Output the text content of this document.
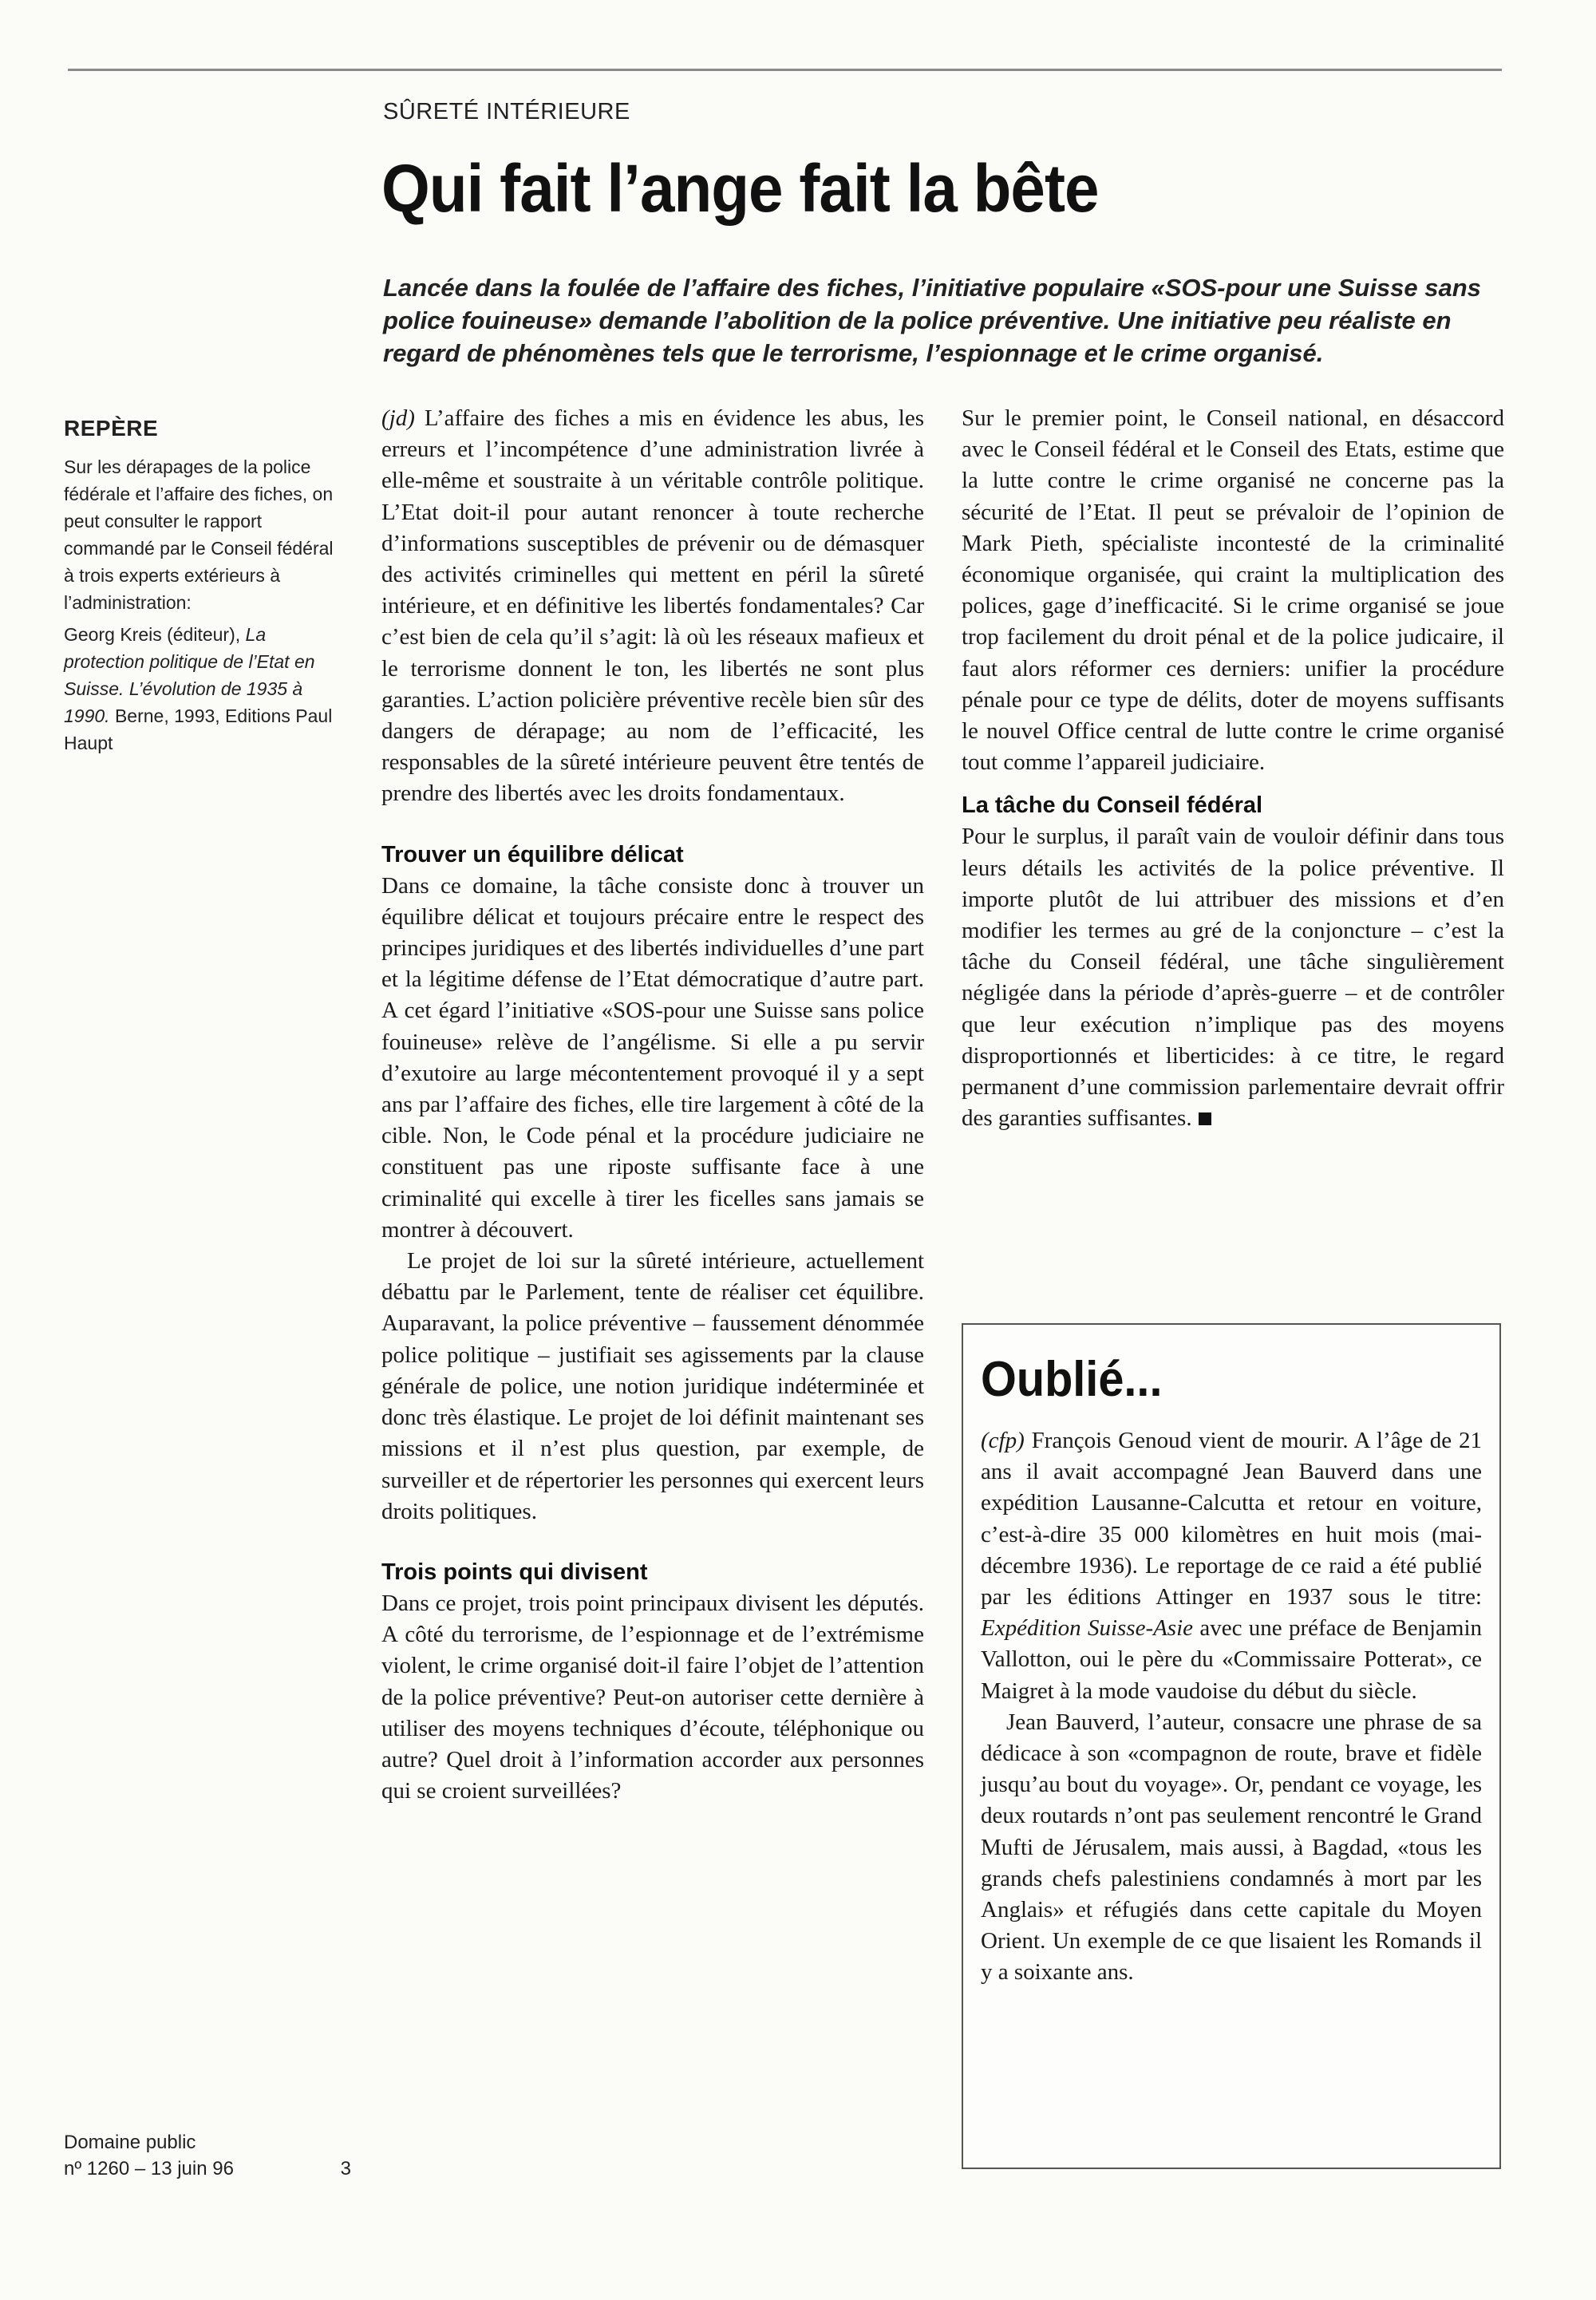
SÛRETÉ INTÉRIEURE
Qui fait l’ange fait la bête

Lancée dans la foulée de l’affaire des fiches, l’initiative populaire «SOS-pour une Suisse sans police fouineuse» demande l’abolition de la police préventive. Une initiative peu réaliste en regard de phénomènes tels que le terrorisme, l’espionnage et le crime organisé.

REPÈRE

Sur les dérapages de la police fédérale et l’affaire des fiches, on peut consulter le rapport commandé par le Conseil fédéral à trois experts extérieurs à l’administration:

Georg Kreis (éditeur), La protection politique de l’Etat en Suisse. L’évolution de 1935 à 1990. Berne, 1993, Editions Paul Haupt

(jd) L’affaire des fiches a mis en évidence les abus, les erreurs et l’incompétence d’une administration livrée à elle-même et soustraite à un véritable contrôle politique. L’Etat doit-il pour autant renoncer à toute recherche d’informations susceptibles de prévenir ou de démasquer des activités criminelles qui mettent en péril la sûreté intérieure, et en définitive les libertés fondamentales? Car c’est bien de cela qu’il s’agit: là où les réseaux mafieux et le terrorisme donnent le ton, les libertés ne sont plus garanties. L’action policière préventive recèle bien sûr des dangers de dérapage; au nom de l’efficacité, les responsables de la sûreté intérieure peuvent être tentés de prendre des libertés avec les droits fondamentaux.

Trouver un équilibre délicat

Dans ce domaine, la tâche consiste donc à trouver un équilibre délicat et toujours précaire entre le respect des principes juridiques et des libertés individuelles d’une part et la légitime défense de l’Etat démocratique d’autre part. A cet égard l’initiative «SOS-pour une Suisse sans police fouineuse» relève de l’angélisme. Si elle a pu servir d’exutoire au large mécontentement provoqué il y a sept ans par l’affaire des fiches, elle tire largement à côté de la cible. Non, le Code pénal et la procédure judiciaire ne constituent pas une riposte suffisante face à une criminalité qui excelle à tirer les ficelles sans jamais se montrer à découvert.

Le projet de loi sur la sûreté intérieure, actuellement débattu par le Parlement, tente de réaliser cet équilibre. Auparavant, la police préventive – faussement dénommée police politique – justifiait ses agissements par la clause générale de police, une notion juridique indéterminée et donc très élastique. Le projet de loi définit maintenant ses missions et il n’est plus question, par exemple, de surveiller et de répertorier les personnes qui exercent leurs droits politiques.

Trois points qui divisent

Dans ce projet, trois point principaux divisent les députés. A côté du terrorisme, de l’espionnage et de l’extrémisme violent, le crime organisé doit-il faire l’objet de l’attention de la police préventive? Peut-on autoriser cette dernière à utiliser des moyens techniques d’écoute, téléphonique ou autre? Quel droit à l’information accorder aux personnes qui se croient surveillées?

Sur le premier point, le Conseil national, en désaccord avec le Conseil fédéral et le Conseil des Etats, estime que la lutte contre le crime organisé ne concerne pas la sécurité de l’Etat. Il peut se prévaloir de l’opinion de Mark Pieth, spécialiste incontesté de la criminalité économique organisée, qui craint la multiplication des polices, gage d’inefficacité. Si le crime organisé se joue trop facilement du droit pénal et de la police judicaire, il faut alors réformer ces derniers: unifier la procédure pénale pour ce type de délits, doter de moyens suffisants le nouvel Office central de lutte contre le crime organisé tout comme l’appareil judiciaire.

La tâche du Conseil fédéral

Pour le surplus, il paraît vain de vouloir définir dans tous leurs détails les activités de la police préventive. Il importe plutôt de lui attribuer des missions et d’en modifier les termes au gré de la conjoncture – c’est la tâche du Conseil fédéral, une tâche singulièrement négligée dans la période d’après-guerre – et de contrôler que leur exécution n’implique pas des moyens disproportionnés et liberticides: à ce titre, le regard permanent d’une commission parlementaire devrait offrir des garanties suffisantes.

Oublié...

(cfp) François Genoud vient de mourir. A l’âge de 21 ans il avait accompagné Jean Bauverd dans une expédition Lausanne-Calcutta et retour en voiture, c’est-à-dire 35 000 kilomètres en huit mois (mai-décembre 1936). Le reportage de ce raid a été publié par les éditions Attinger en 1937 sous le titre: Expédition Suisse-Asie avec une préface de Benjamin Vallotton, oui le père du «Commissaire Potterat», ce Maigret à la mode vaudoise du début du siècle.

Jean Bauverd, l’auteur, consacre une phrase de sa dédicace à son «compagnon de route, brave et fidèle jusqu’au bout du voyage». Or, pendant ce voyage, les deux routards n’ont pas seulement rencontré le Grand Mufti de Jérusalem, mais aussi, à Bagdad, «tous les grands chefs palestiniens condamnés à mort par les Anglais» et réfugiés dans cette capitale du Moyen Orient. Un exemple de ce que lisaient les Romands il y a soixante ans.

Domaine public
nº 1260 – 13 juin 96	3
